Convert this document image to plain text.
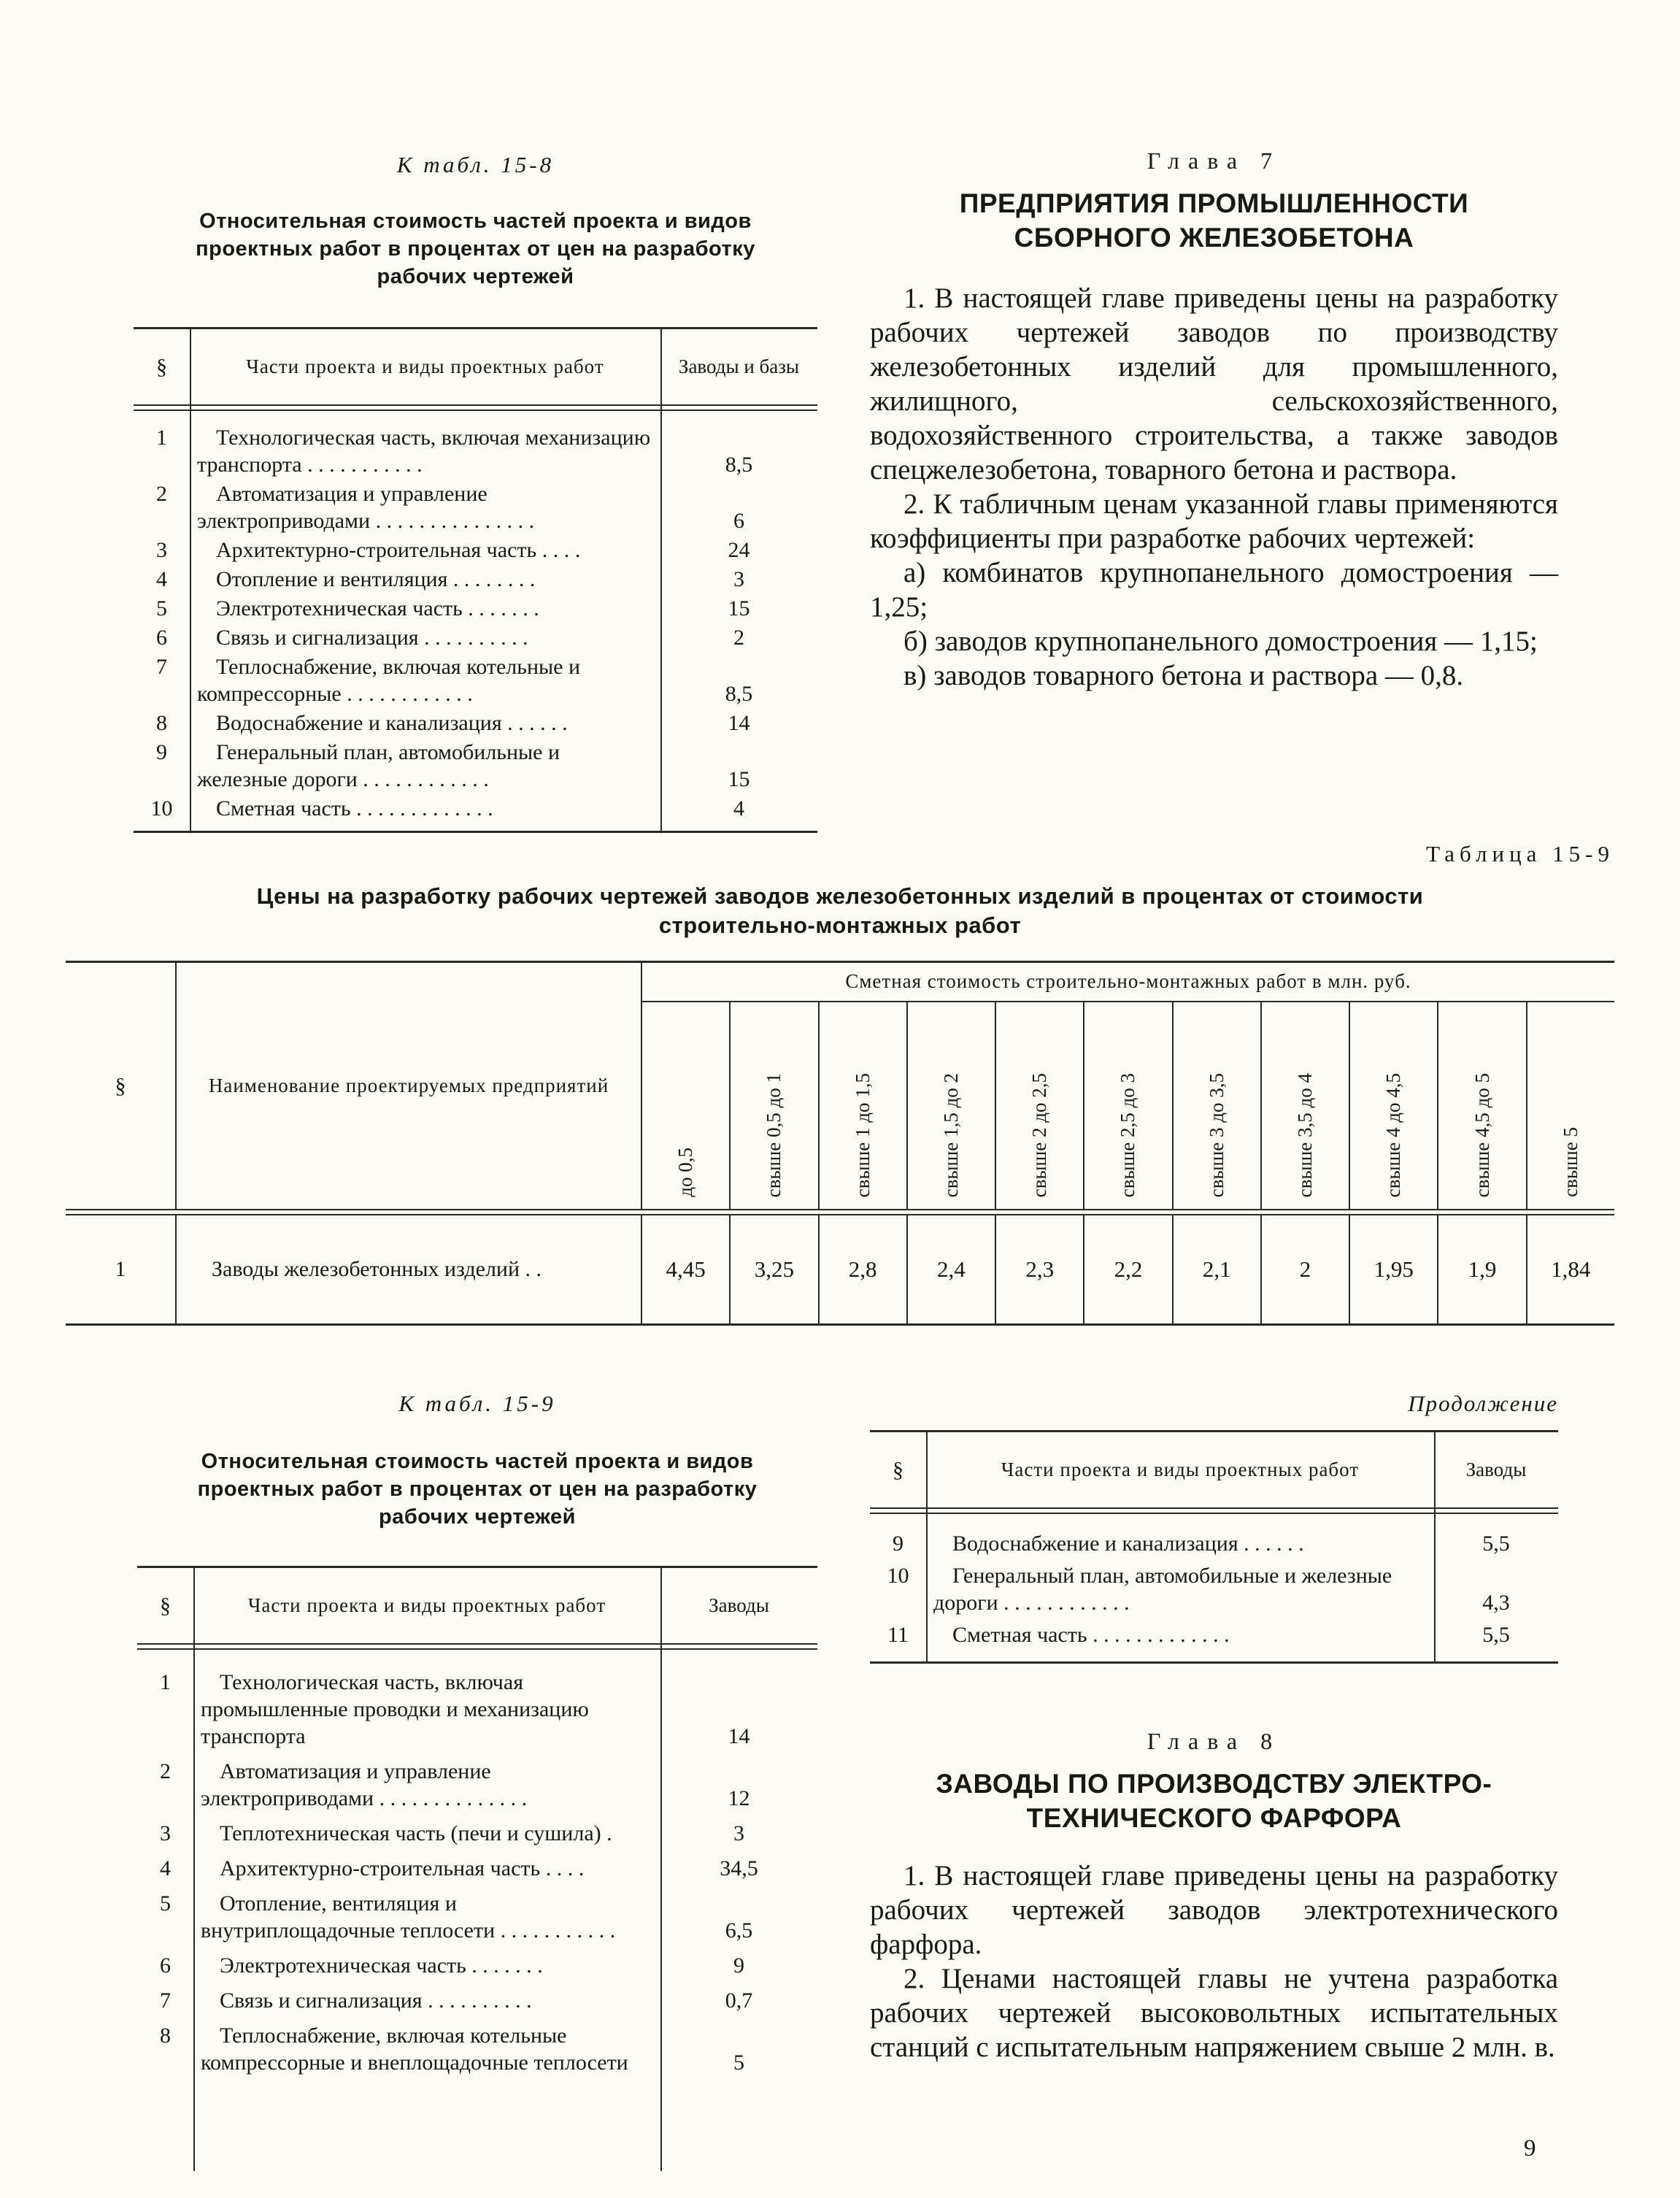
К табл. 15-8
Относительная стоимость частей проекта и видов проектных работ в процентах от цен на разработку рабочих чертежей
§	Части проекта и виды проектных работ	Заводы и базы
1	Технологическая часть, включая механизацию транспорта . . . . . . . . . . .	8,5
2	Автоматизация и управление электроприводами . . . . . . . . . . . . . . .	6
3	Архитектурно-строительная часть . . . .	24
4	Отопление и вентиляция . . . . . . . .	3
5	Электротехническая часть . . . . . . .	15
6	Связь и сигнализация . . . . . . . . . .	2
7	Теплоснабжение, включая котельные и компрессорные . . . . . . . . . . . .	8,5
8	Водоснабжение и канализация . . . . . .	14
9	Генеральный план, автомобильные и железные дороги . . . . . . . . . . . .	15
10	Сметная часть . . . . . . . . . . . . .	4
Глава 7
ПРЕДПРИЯТИЯ ПРОМЫШЛЕННОСТИ СБОРНОГО ЖЕЛЕЗОБЕТОНА

1. В настоящей главе приведены цены на разработку рабочих чертежей заводов по производству железобетонных изделий для промышленного, жилищного, сельскохозяйственного, водохозяйственного строительства, а также заводов спецжелезобетона, товарного бетона и раствора.

2. К табличным ценам указанной главы применяются коэффициенты при разработке рабочих чертежей:

а) комбинатов крупнопанельного домостроения — 1,25;

б) заводов крупнопанельного домостроения — 1,15;

в) заводов товарного бетона и раствора — 0,8.

Таблица 15-9
Цены на разработку рабочих чертежей заводов железобетонных изделий в процентах от стоимости строительно-монтажных работ
§	Наименование проектируемых предприятий
Сметная стоимость строительно-монтажных работ в млн. руб.
до 0,5	свыше 0,5 до 1	свыше 1 до 1,5	свыше 1,5 до 2	свыше 2 до 2,5	свыше 2,5 до 3	свыше 3 до 3,5	свыше 3,5 до 4	свыше 4 до 4,5	свыше 4,5 до 5	свыше 5
1	Заводы железобетонных изделий . .	4,45	3,25	2,8	2,4	2,3	2,2	2,1	2	1,95	1,9	1,84
К табл. 15-9
Относительная стоимость частей проекта и видов проектных работ в процентах от цен на разработку рабочих чертежей
§	Части проекта и виды проектных работ	Заводы
1	Технологическая часть, включая промышленные проводки и механизацию транспорта	14
2	Автоматизация и управление электроприводами . . . . . . . . . . . . . .	12
3	Теплотехническая часть (печи и сушила) .	3
4	Архитектурно-строительная часть . . . .	34,5
5	Отопление, вентиляция и внутриплощадочные теплосети . . . . . . . . . . .	6,5
6	Электротехническая часть . . . . . . .	9
7	Связь и сигнализация . . . . . . . . . .	0,7
8	Теплоснабжение, включая котельные компрессорные и внеплощадочные теплосети	5
Продолжение
§	Части проекта и виды проектных работ	Заводы
9	Водоснабжение и канализация . . . . . .	5,5
10	Генеральный план, автомобильные и железные дороги . . . . . . . . . . . .	4,3
11	Сметная часть . . . . . . . . . . . . .	5,5
Глава 8
ЗАВОДЫ ПО ПРОИЗВОДСТВУ ЭЛЕКТРО-ТЕХНИЧЕСКОГО ФАРФОРА

1. В настоящей главе приведены цены на разработку рабочих чертежей заводов электротехнического фарфора.

2. Ценами настоящей главы не учтена разработка рабочих чертежей высоковольтных испытательных станций с испытательным напряжением свыше 2 млн. в.

9
